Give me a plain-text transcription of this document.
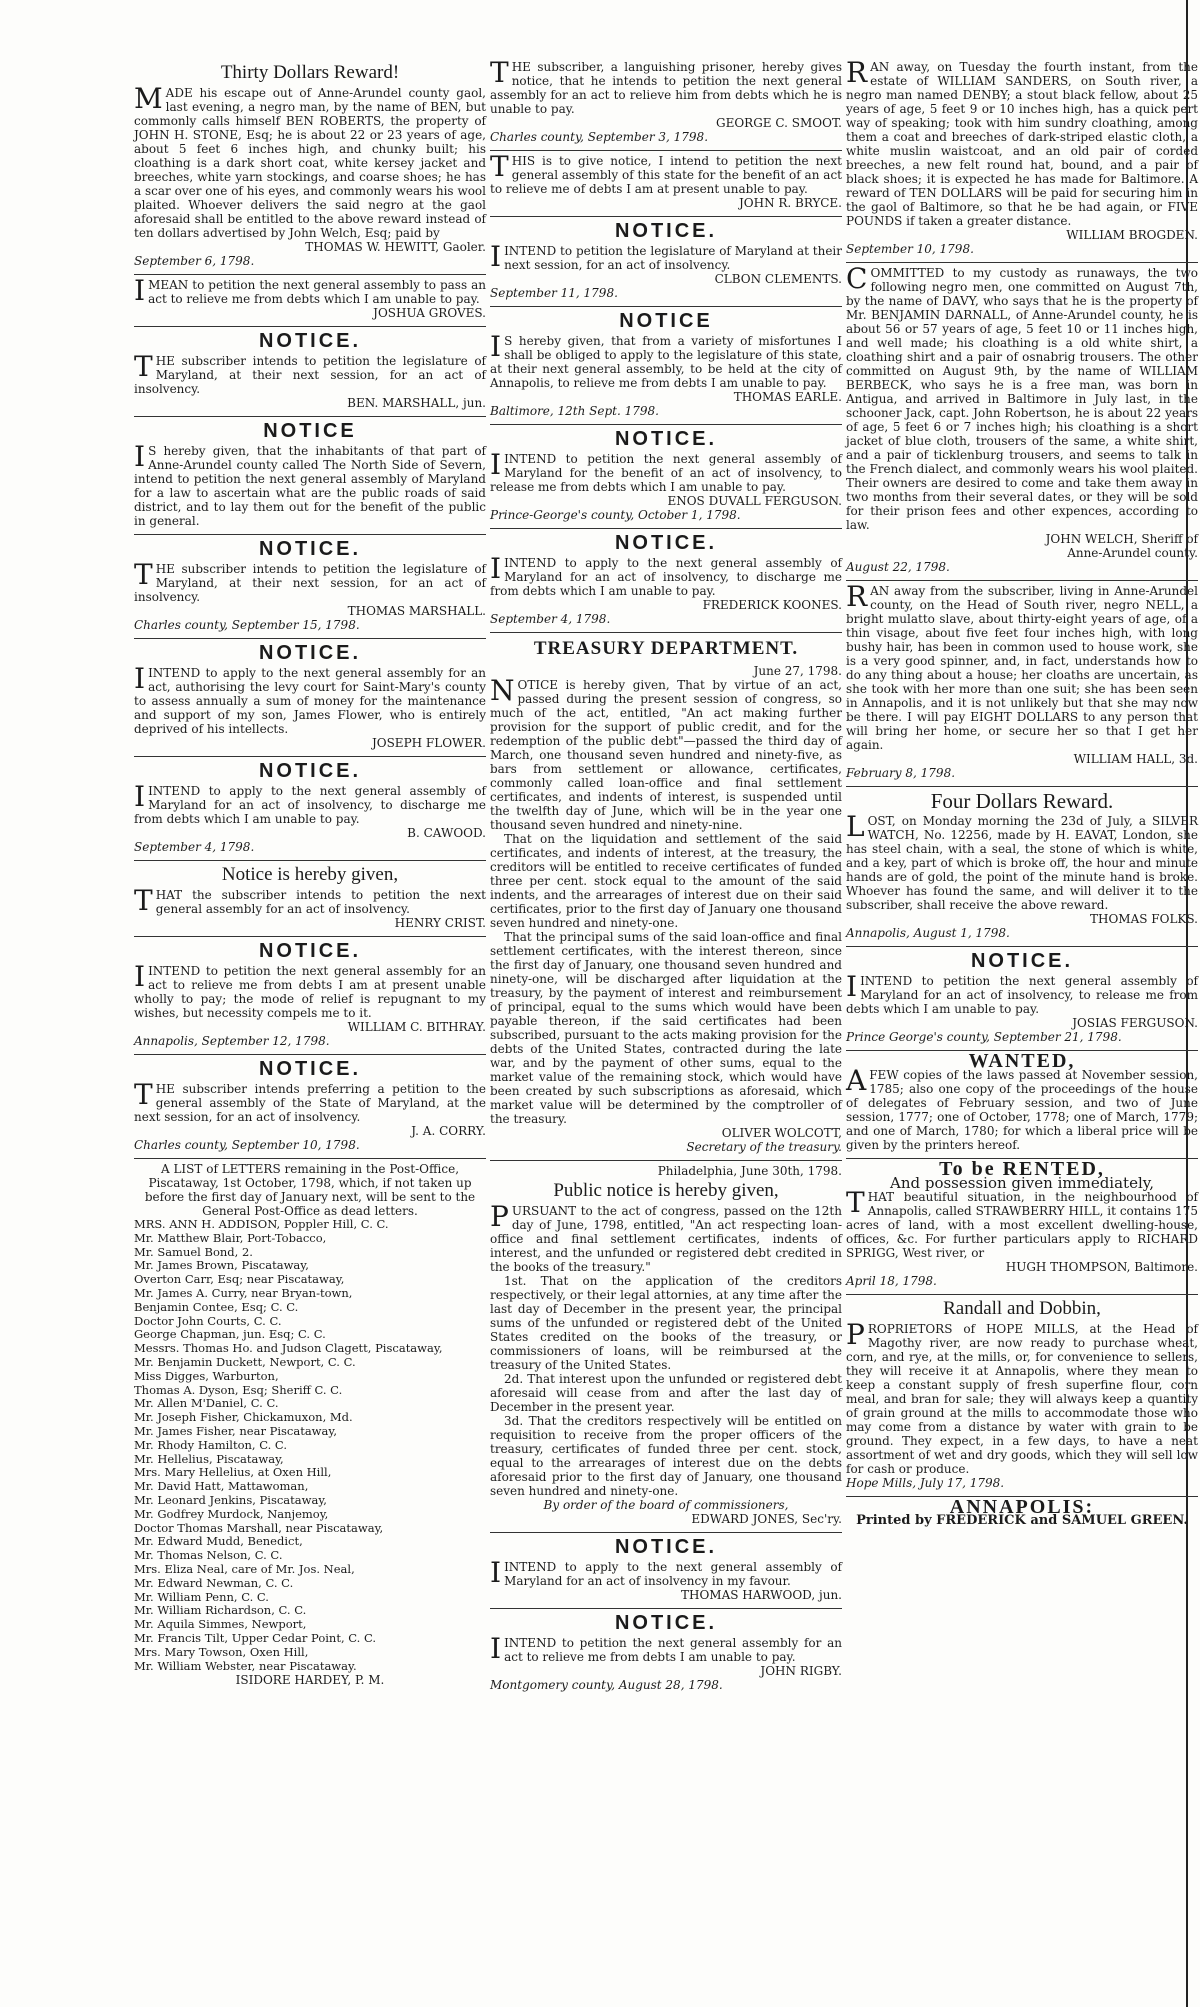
Thirty Dollars Reward!
MADE his escape out of Anne-Arundel county gaol, last evening, a negro man, by the name of BEN, but commonly calls himself BEN ROBERTS, the property of JOHN H. STONE, Esq; he is about 22 or 23 years of age, about 5 feet 6 inches high, and chunky built; his cloathing is a dark short coat, white kersey jacket and breeches, white yarn stockings, and coarse shoes; he has a scar over one of his eyes, and commonly wears his wool plaited. Whoever delivers the said negro at the gaol aforesaid shall be entitled to the above reward instead of ten dollars advertised by John Welch, Esq; paid by
THOMAS W. HEWITT, Gaoler.
September 6, 1798.
IMEAN to petition the next general assembly to pass an act to relieve me from debts which I am unable to pay.
JOSHUA GROVES.
NOTICE.
THE subscriber intends to petition the legislature of Maryland, at their next session, for an act of insolvency.
BEN. MARSHALL, jun.
NOTICE
IS hereby given, that the inhabitants of that part of Anne-Arundel county called The North Side of Severn, intend to petition the next general assembly of Maryland for a law to ascertain what are the public roads of said district, and to lay them out for the benefit of the public in general.
NOTICE.
THE subscriber intends to petition the legislature of Maryland, at their next session, for an act of insolvency.
THOMAS MARSHALL.
Charles county, September 15, 1798.
NOTICE.
IINTEND to apply to the next general assembly for an act, authorising the levy court for Saint-Mary's county to assess annually a sum of money for the maintenance and support of my son, James Flower, who is entirely deprived of his intellects.
JOSEPH FLOWER.
NOTICE.
IINTEND to apply to the next general assembly of Maryland for an act of insolvency, to discharge me from debts which I am unable to pay.
B. CAWOOD.
September 4, 1798.
Notice is hereby given,
THAT the subscriber intends to petition the next general assembly for an act of insolvency.
HENRY CRIST.
NOTICE.
IINTEND to petition the next general assembly for an act to relieve me from debts I am at present unable wholly to pay; the mode of relief is repugnant to my wishes, but necessity compels me to it.
WILLIAM C. BITHRAY.
Annapolis, September 12, 1798.
NOTICE.
THE subscriber intends preferring a petition to the general assembly of the State of Maryland, at the next session, for an act of insolvency.
J. A. CORRY.
Charles county, September 10, 1798.
A LIST of LETTERS remaining in the Post-Office, Piscataway, 1st October, 1798, which, if not taken up before the first day of January next, will be sent to the General Post-Office as dead letters.
MRS. ANN H. ADDISON, Poppler Hill, C. C.
Mr. Matthew Blair, Port-Tobacco,
Mr. Samuel Bond, 2.
Mr. James Brown, Piscataway,
Overton Carr, Esq; near Piscataway,
Mr. James A. Curry, near Bryan-town,
Benjamin Contee, Esq; C. C.
Doctor John Courts, C. C.
George Chapman, jun. Esq; C. C.
Messrs. Thomas Ho. and Judson Clagett, Piscataway,
Mr. Benjamin Duckett, Newport, C. C.
Miss Digges, Warburton,
Thomas A. Dyson, Esq; Sheriff C. C.
Mr. Allen M'Daniel, C. C.
Mr. Joseph Fisher, Chickamuxon, Md.
Mr. James Fisher, near Piscataway,
Mr. Rhody Hamilton, C. C.
Mr. Hellelius, Piscataway,
Mrs. Mary Hellelius, at Oxen Hill,
Mr. David Hatt, Mattawoman,
Mr. Leonard Jenkins, Piscataway,
Mr. Godfrey Murdock, Nanjemoy,
Doctor Thomas Marshall, near Piscataway,
Mr. Edward Mudd, Benedict,
Mr. Thomas Nelson, C. C.
Mrs. Eliza Neal, care of Mr. Jos. Neal,
Mr. Edward Newman, C. C.
Mr. William Penn, C. C.
Mr. William Richardson, C. C.
Mr. Aquila Simmes, Newport,
Mr. Francis Tilt, Upper Cedar Point, C. C.
Mrs. Mary Towson, Oxen Hill,
Mr. William Webster, near Piscataway.
ISIDORE HARDEY, P. M.
THE subscriber, a languishing prisoner, hereby gives notice, that he intends to petition the next general assembly for an act to relieve him from debts which he is unable to pay.
GEORGE C. SMOOT.
Charles county, September 3, 1798.
THIS is to give notice, I intend to petition the next general assembly of this state for the benefit of an act to relieve me of debts I am at present unable to pay.
JOHN R. BRYCE.
NOTICE.
IINTEND to petition the legislature of Maryland at their next session, for an act of insolvency.
CLBON CLEMENTS.
September 11, 1798.
NOTICE
IS hereby given, that from a variety of misfortunes I shall be obliged to apply to the legislature of this state, at their next general assembly, to be held at the city of Annapolis, to relieve me from debts I am unable to pay.
THOMAS EARLE.
Baltimore, 12th Sept. 1798.
NOTICE.
IINTEND to petition the next general assembly of Maryland for the benefit of an act of insolvency, to release me from debts which I am unable to pay.
ENOS DUVALL FERGUSON.
Prince-George's county, October 1, 1798.
NOTICE.
IINTEND to apply to the next general assembly of Maryland for an act of insolvency, to discharge me from debts which I am unable to pay.
FREDERICK KOONES.
September 4, 1798.
TREASURY DEPARTMENT.
June 27, 1798.
NOTICE is hereby given, That by virtue of an act, passed during the present session of congress, so much of the act, entitled, "An act making further provision for the support of public credit, and for the redemption of the public debt"—passed the third day of March, one thousand seven hundred and ninety-five, as bars from settlement or allowance, certificates, commonly called loan-office and final settlement certificates, and indents of interest, is suspended until the twelfth day of June, which will be in the year one thousand seven hundred and ninety-nine.
That on the liquidation and settlement of the said certificates, and indents of interest, at the treasury, the creditors will be entitled to receive certificates of funded three per cent. stock equal to the amount of the said indents, and the arrearages of interest due on their said certificates, prior to the first day of January one thousand seven hundred and ninety-one.
That the principal sums of the said loan-office and final settlement certificates, with the interest thereon, since the first day of January, one thousand seven hundred and ninety-one, will be discharged after liquidation at the treasury, by the payment of interest and reimbursement of principal, equal to the sums which would have been payable thereon, if the said certificates had been subscribed, pursuant to the acts making provision for the debts of the United States, contracted during the late war, and by the payment of other sums, equal to the market value of the remaining stock, which would have been created by such subscriptions as aforesaid, which market value will be determined by the comptroller of the treasury.
OLIVER WOLCOTT,
Secretary of the treasury.
Philadelphia, June 30th, 1798.
Public notice is hereby given,
PURSUANT to the act of congress, passed on the 12th day of June, 1798, entitled, "An act respecting loan-office and final settlement certificates, indents of interest, and the unfunded or registered debt credited in the books of the treasury."
1st. That on the application of the creditors respectively, or their legal attornies, at any time after the last day of December in the present year, the principal sums of the unfunded or registered debt of the United States credited on the books of the treasury, or commissioners of loans, will be reimbursed at the treasury of the United States.
2d. That interest upon the unfunded or registered debt aforesaid will cease from and after the last day of December in the present year.
3d. That the creditors respectively will be entitled on requisition to receive from the proper officers of the treasury, certificates of funded three per cent. stock, equal to the arrearages of interest due on the debts aforesaid prior to the first day of January, one thousand seven hundred and ninety-one.
By order of the board of commissioners,
EDWARD JONES, Sec'ry.
NOTICE.
IINTEND to apply to the next general assembly of Maryland for an act of insolvency in my favour.
THOMAS HARWOOD, jun.
NOTICE.
IINTEND to petition the next general assembly for an act to relieve me from debts I am unable to pay.
JOHN RIGBY.
Montgomery county, August 28, 1798.
RAN away, on Tuesday the fourth instant, from the estate of WILLIAM SANDERS, on South river, a negro man named DENBY; a stout black fellow, about 25 years of age, 5 feet 9 or 10 inches high, has a quick pert way of speaking; took with him sundry cloathing, among them a coat and breeches of dark-striped elastic cloth, a white muslin waistcoat, and an old pair of corded breeches, a new felt round hat, bound, and a pair of black shoes; it is expected he has made for Baltimore. A reward of TEN DOLLARS will be paid for securing him in the gaol of Baltimore, so that he be had again, or FIVE POUNDS if taken a greater distance.
WILLIAM BROGDEN.
September 10, 1798.
COMMITTED to my custody as runaways, the two following negro men, one committed on August 7th, by the name of DAVY, who says that he is the property of Mr. BENJAMIN DARNALL, of Anne-Arundel county, he is about 56 or 57 years of age, 5 feet 10 or 11 inches high, and well made; his cloathing is a old white shirt, a cloathing shirt and a pair of osnabrig trousers. The other committed on August 9th, by the name of WILLIAM BERBECK, who says he is a free man, was born in Antigua, and arrived in Baltimore in July last, in the schooner Jack, capt. John Robertson, he is about 22 years of age, 5 feet 6 or 7 inches high; his cloathing is a short jacket of blue cloth, trousers of the same, a white shirt, and a pair of ticklenburg trousers, and seems to talk in the French dialect, and commonly wears his wool plaited. Their owners are desired to come and take them away in two months from their several dates, or they will be sold for their prison fees and other expences, according to law.
JOHN WELCH, Sheriff of
Anne-Arundel county.
August 22, 1798.
RAN away from the subscriber, living in Anne-Arundel county, on the Head of South river, negro NELL, a bright mulatto slave, about thirty-eight years of age, of a thin visage, about five feet four inches high, with long bushy hair, has been in common used to house work, she is a very good spinner, and, in fact, understands how to do any thing about a house; her cloaths are uncertain, as she took with her more than one suit; she has been seen in Annapolis, and it is not unlikely but that she may now be there. I will pay EIGHT DOLLARS to any person that will bring her home, or secure her so that I get her again.
WILLIAM HALL, 3d.
February 8, 1798.
Four Dollars Reward.
LOST, on Monday morning the 23d of July, a SILVER WATCH, No. 12256, made by H. EAVAT, London, she has steel chain, with a seal, the stone of which is white, and a key, part of which is broke off, the hour and minute hands are of gold, the point of the minute hand is broke. Whoever has found the same, and will deliver it to the subscriber, shall receive the above reward.
THOMAS FOLKS.
Annapolis, August 1, 1798.
NOTICE.
IINTEND to petition the next general assembly of Maryland for an act of insolvency, to release me from debts which I am unable to pay.
JOSIAS FERGUSON.
Prince George's county, September 21, 1798.
WANTED,
AFEW copies of the laws passed at November session, 1785; also one copy of the proceedings of the house of delegates of February session, and two of June session, 1777; one of October, 1778; one of March, 1779; and one of March, 1780; for which a liberal price will be given by the printers hereof.
To be RENTED,
And possession given immediately,
THAT beautiful situation, in the neighbourhood of Annapolis, called STRAWBERRY HILL, it contains 175 acres of land, with a most excellent dwelling-house, offices, &c. For further particulars apply to RICHARD SPRIGG, West river, or
HUGH THOMPSON, Baltimore.
April 18, 1798.
Randall and Dobbin,
PROPRIETORS of HOPE MILLS, at the Head of Magothy river, are now ready to purchase wheat, corn, and rye, at the mills, or, for convenience to sellers, they will receive it at Annapolis, where they mean to keep a constant supply of fresh superfine flour, corn meal, and bran for sale; they will always keep a quantity of grain ground at the mills to accommodate those who may come from a distance by water with grain to be ground. They expect, in a few days, to have a neat assortment of wet and dry goods, which they will sell low for cash or produce.
Hope Mills, July 17, 1798.
ANNAPOLIS:
Printed by FREDERICK and SAMUEL GREEN.
